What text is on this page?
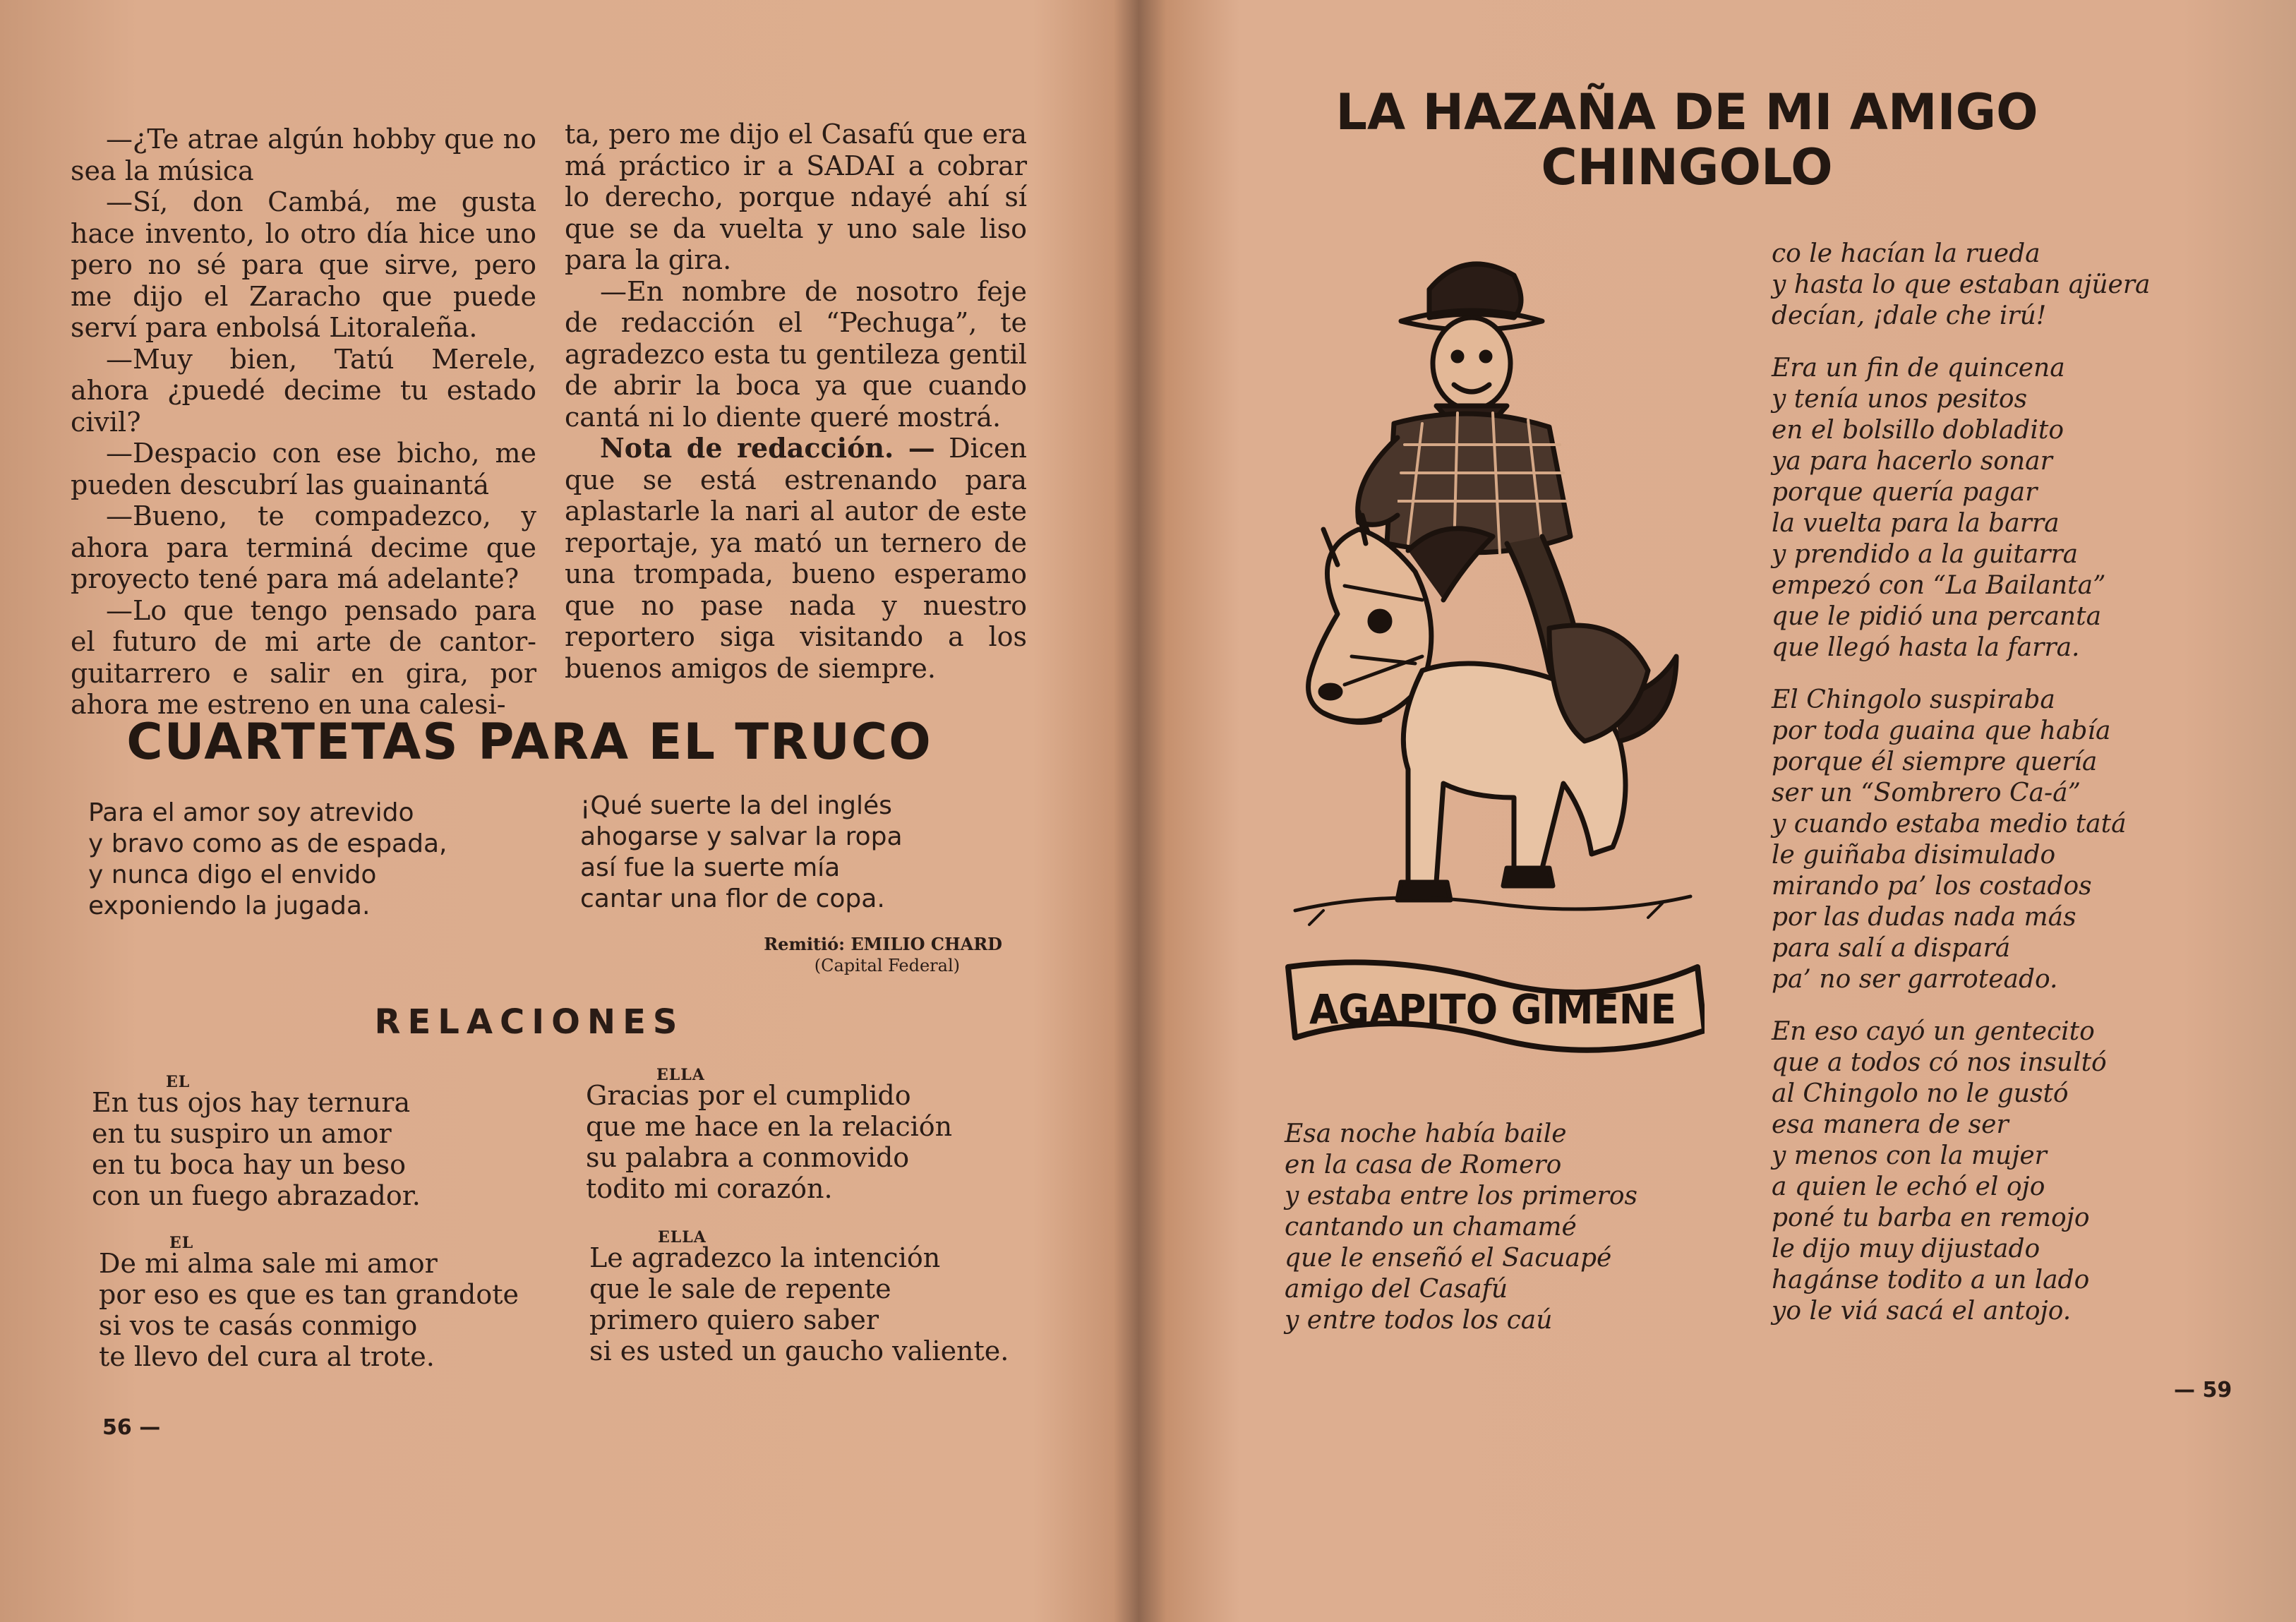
—¿Te atrae algún hobby que no sea la música

—Sí, don Cambá, me gusta hace invento, lo otro día hice uno pero no sé para que sirve, pero me dijo el Zaracho que puede serví para enbolsá Litoraleña.

—Muy bien, Tatú Merele, ahora ¿puedé decime tu estado civil?

—Despacio con ese bicho, me pueden descubrí las guainantá

—Bueno, te compadezco, y ahora para terminá decime que proyecto tené para má adelante?

—Lo que tengo pensado para el futuro de mi arte de cantor-guitarrero e salir en gira, por ahora me estreno en una calesi-

ta, pero me dijo el Casafú que era má práctico ir a SADAI a cobrar lo derecho, porque ndayé ahí sí que se da vuelta y uno sale liso para la gira.

—En nombre de nosotro feje de redacción el “Pechuga”, te agradezco esta tu gentileza gentil de abrir la boca ya que cuando cantá ni lo diente queré mostrá.

Nota de redacción. — Dicen que se está estrenando para aplastarle la nari al autor de este reportaje, ya mató un ternero de una trompada, bueno esperamo que no pase nada y nuestro reportero siga visitando a los buenos amigos de siempre.

CUARTETAS PARA EL TRUCO
Para el amor soy atrevido
y bravo como as de espada,
y nunca digo el envido
exponiendo la jugada.
¡Qué suerte la del inglés
ahogarse y salvar la ropa
así fue la suerte mía
cantar una flor de copa.
Remitió: EMILIO CHARD
(Capital Federal)
RELACIONES
EL
En tus ojos hay ternura
en tu suspiro un amor
en tu boca hay un beso
con un fuego abrazador.
ELLA
Gracias por el cumplido
que me hace en la relación
su palabra a conmovido
todito mi corazón.
EL
De mi alma sale mi amor
por eso es que es tan grandote
si vos te casás conmigo
te llevo del cura al trote.
ELLA
Le agradezco la intención
que le sale de repente
primero quiero saber
si es usted un gaucho valiente.
56 —
LA HAZAÑA DE MI AMIGO
CHINGOLO
AGAPITO GIMENE
Esa noche había baile
en la casa de Romero
y estaba entre los primeros
cantando un chamamé
que le enseñó el Sacuapé
amigo del Casafú
y entre todos los caú
co le hacían la rueda
y hasta lo que estaban ajüera
decían, ¡dale che irú!
Era un fin de quincena
y tenía unos pesitos
en el bolsillo dobladito
ya para hacerlo sonar
porque quería pagar
la vuelta para la barra
y prendido a la guitarra
empezó con “La Bailanta”
que le pidió una percanta
que llegó hasta la farra.
El Chingolo suspiraba
por toda guaina que había
porque él siempre quería
ser un “Sombrero Ca-á”
y cuando estaba medio tatá
le guiñaba disimulado
mirando pa’ los costados
por las dudas nada más
para salí a dispará
pa’ no ser garroteado.
En eso cayó un gentecito
que a todos có nos insultó
al Chingolo no le gustó
esa manera de ser
y menos con la mujer
a quien le echó el ojo
poné tu barba en remojo
le dijo muy dijustado
hagánse todito a un lado
yo le viá sacá el antojo.
— 59
